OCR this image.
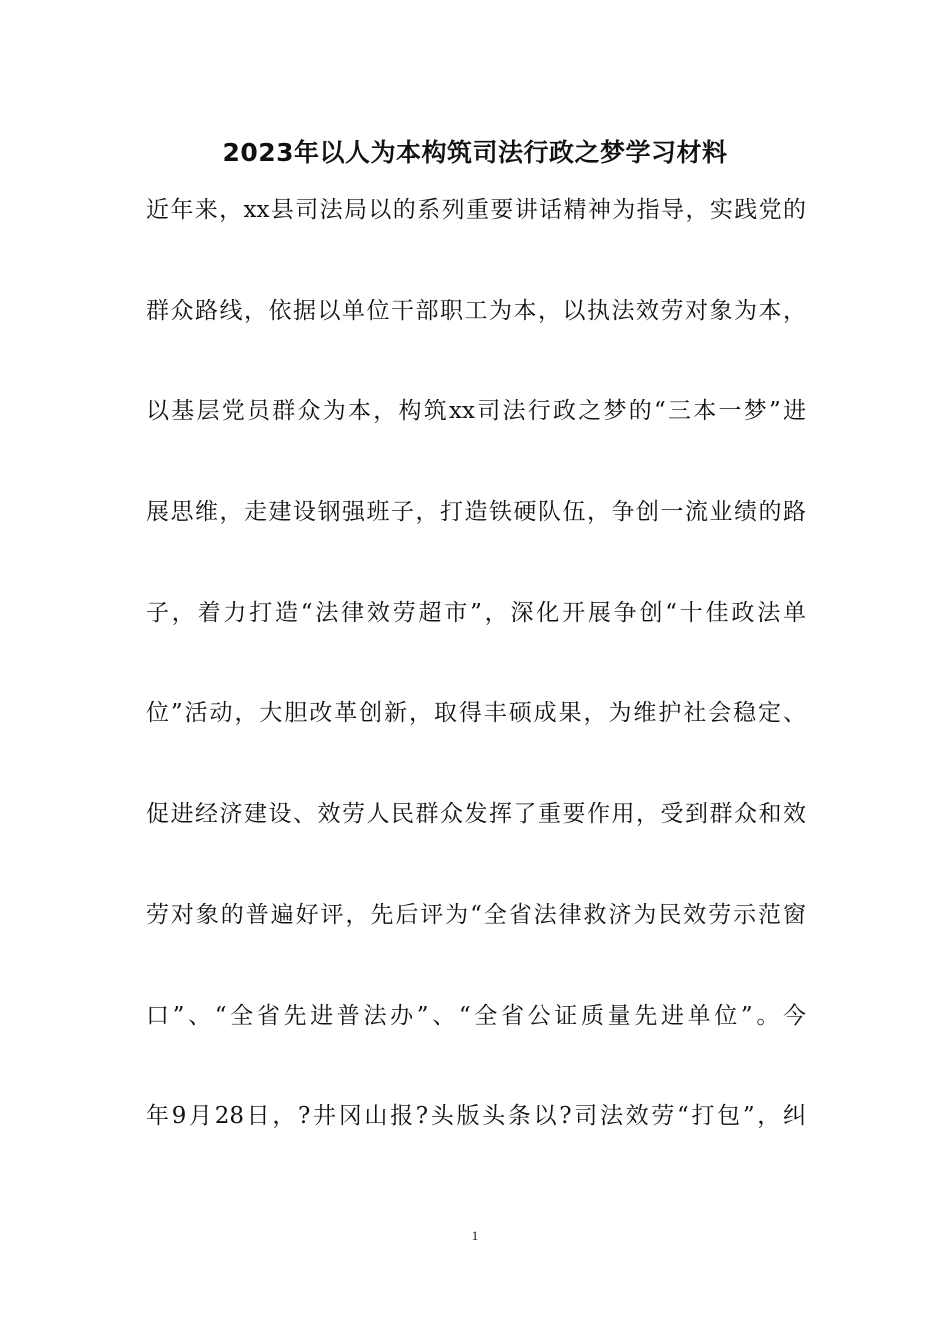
2023年以人为本构筑司法行政之梦学习材料
近年来，xx县司法局以的系列重要讲话精神为指导，实践党的
群众路线，依据以单位干部职工为本，以执法效劳对象为本，
以基层党员群众为本，构筑xx司法行政之梦的“三本一梦”进
展思维，走建设钢强班子，打造铁硬队伍，争创一流业绩的路
子，着力打造“法律效劳超市”，深化开展争创“十佳政法单
位”活动，大胆改革创新，取得丰硕成果，为维护社会稳定、
促进经济建设、效劳人民群众发挥了重要作用，受到群众和效
劳对象的普遍好评，先后评为“全省法律救济为民效劳示范窗
口”、“全省先进普法办”、“全省公证质量先进单位”。今
年9月28日，?井冈山报?头版头条以?司法效劳“打包”，纠
1
